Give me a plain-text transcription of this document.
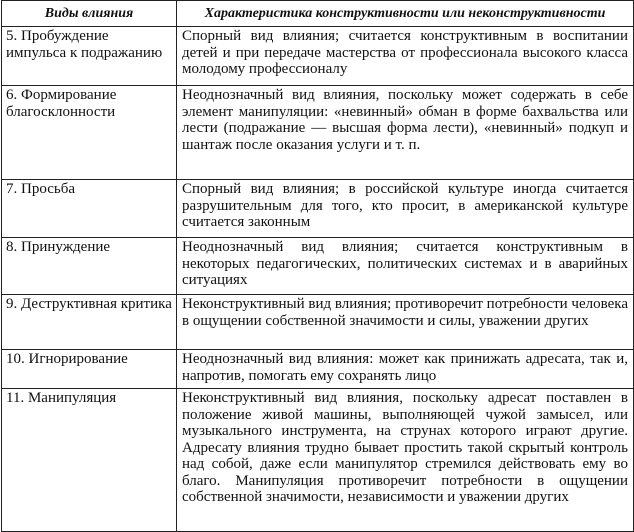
Виды влияния	Характеристика конструктивности или неконструктивности
5. Пробуждение импульса к подражанию	Спорный вид влияния; считается конструктивным в воспитании детей и при передаче мастерства от профессионала высокого класса молодому профессионалу
6. Формирование благосклонности	Неоднозначный вид влияния, поскольку может содержать в себе элемент манипуляции: «невинный» обман в форме бахвальства или лести (подражание — высшая форма лести), «невинный» подкуп и шантаж после оказания услуги и т. п.
7. Просьба	Спорный вид влияния; в российской культуре иногда считается разрушительным для того, кто просит, в американской культуре считается законным
8. Принуждение	Неоднозначный вид влияния; считается конструктивным в некоторых педагогических, политических системах и в аварийных ситуациях
9. Деструктивная критика	Неконструктивный вид влияния; противоречит потребности человека в ощущении собственной значимости и силы, уважении других
10. Игнорирование	Неоднозначный вид влияния: может как принижать адресата, так и, напротив, помогать ему сохранять лицо
11. Манипуляция	Неконструктивный вид влияния, поскольку адресат поставлен в положение живой машины, выполняющей чужой замысел, или музыкального инструмента, на струнах которого играют другие. Адресату влияния трудно бывает простить такой скрытый контроль над собой, даже если манипулятор стремился действовать ему во благо. Манипуляция противоречит потребности в ощущении собственной значимости, независимости и уважении других
